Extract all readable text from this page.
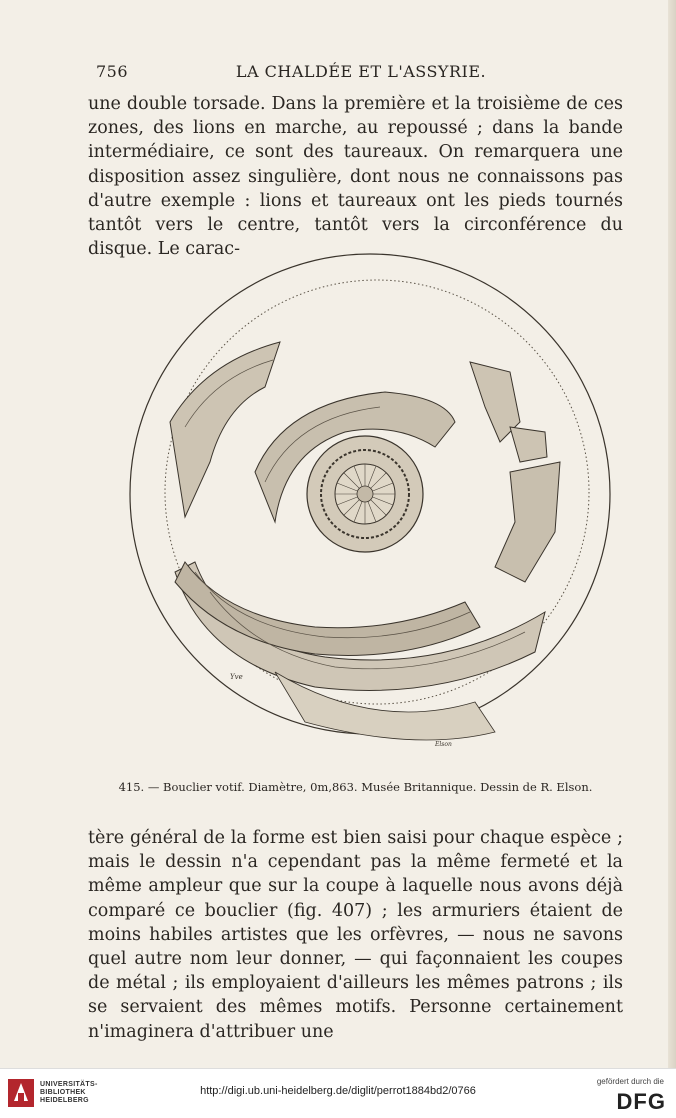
756	LA CHALDÉE ET L'ASSYRIE.

une double torsade. Dans la première et la troisième de ces zones, des lions en marche, au repoussé ; dans la bande intermédiaire, ce sont des taureaux. On remarquera une disposition assez singulière, dont nous ne connaissons pas d'autre exemple : lions et taureaux ont les pieds tournés tantôt vers le centre, tantôt vers la circonférence du disque. Le carac-

Yve
Elson
415. — Bouclier votif. Diamètre, 0m,863. Musée Britannique. Dessin de R. Elson.

tère général de la forme est bien saisi pour chaque espèce ; mais le dessin n'a cependant pas la même fermeté et la même ampleur que sur la coupe à laquelle nous avons déjà comparé ce bouclier (fig. 407) ; les armuriers étaient de moins habiles artistes que les orfèvres, — nous ne savons quel autre nom leur donner, — qui façonnaient les coupes de métal ; ils employaient d'ailleurs les mêmes patrons ; ils se servaient des mêmes motifs. Personne certainement n'imaginera d'attribuer une

UNIVERSITÄTS-
BIBLIOTHEK
HEIDELBERG
http://digi.ub.uni-heidelberg.de/diglit/perrot1884bd2/0766
gefördert durch die
DFG
